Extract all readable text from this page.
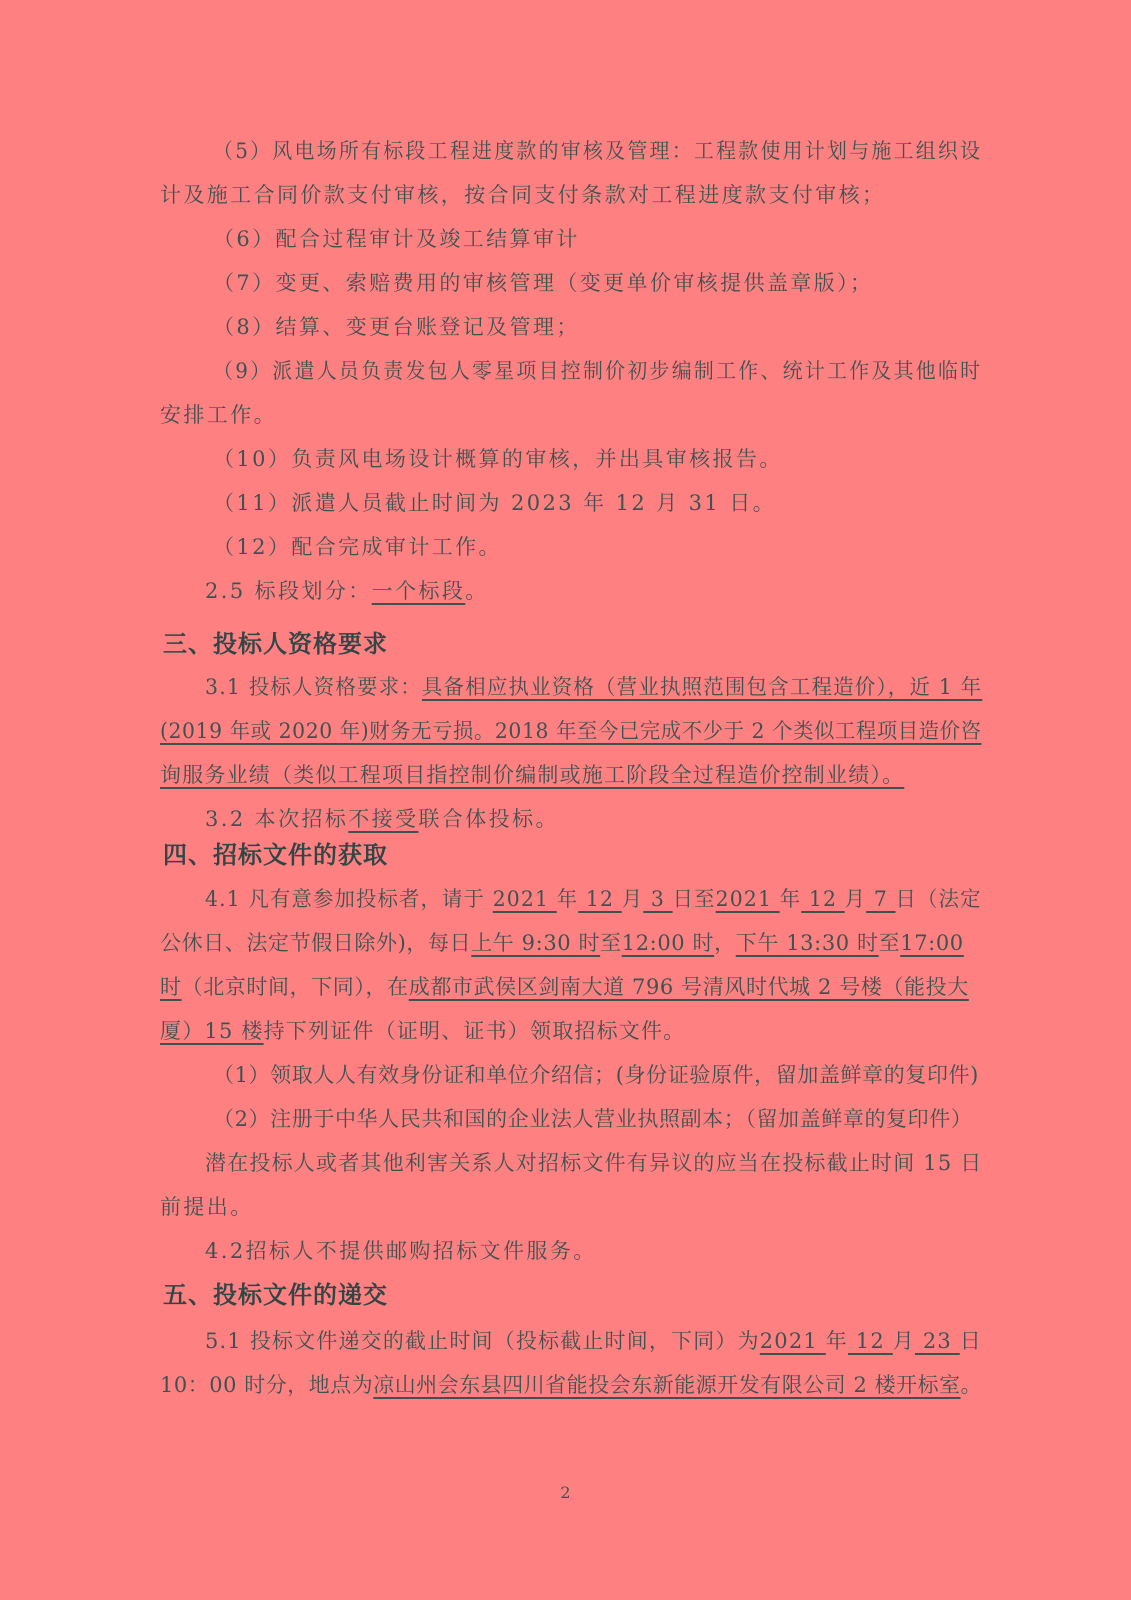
（5）风电场所有标段工程进度款的审核及管理：工程款使用计划与施工组织设
计及施工合同价款支付审核，按合同支付条款对工程进度款支付审核；
（6）配合过程审计及竣工结算审计
（7）变更、索赔费用的审核管理（变更单价审核提供盖章版）；
（8）结算、变更台账登记及管理；
（9）派遣人员负责发包人零星项目控制价初步编制工作、统计工作及其他临时
安排工作。
（10）负责风电场设计概算的审核，并出具审核报告。
（11）派遣人员截止时间为 2023 年 12 月 31 日。
（12）配合完成审计工作。
2.5 标段划分：一个标段。
三、投标人资格要求
3.1 投标人资格要求：具备相应执业资格（营业执照范围包含工程造价），近 1 年
(2019 年或 2020 年)财务无亏损。2018 年至今已完成不少于 2 个类似工程项目造价咨
询服务业绩（类似工程项目指控制价编制或施工阶段全过程造价控制业绩）。
3.2 本次招标不接受联合体投标。
四、招标文件的获取
4.1 凡有意参加投标者，请于 2021 年 12 月 3 日至2021 年 12 月 7 日（法定
公休日、法定节假日除外)，每日上午 9:30 时至12:00 时，下午 13:30 时至17:00
时（北京时间，下同），在成都市武侯区剑南大道 796 号清风时代城 2 号楼（能投大
厦）15 楼持下列证件（证明、证书）领取招标文件。
（1）领取人人有效身份证和单位介绍信；(身份证验原件，留加盖鲜章的复印件)
（2）注册于中华人民共和国的企业法人营业执照副本；（留加盖鲜章的复印件）
潜在投标人或者其他利害关系人对招标文件有异议的应当在投标截止时间 15 日
前提出。
4.2招标人不提供邮购招标文件服务。
五、投标文件的递交
5.1 投标文件递交的截止时间（投标截止时间，下同）为2021 年 12 月 23 日
10：00 时分，地点为凉山州会东县四川省能投会东新能源开发有限公司 2 楼开标室。
2
